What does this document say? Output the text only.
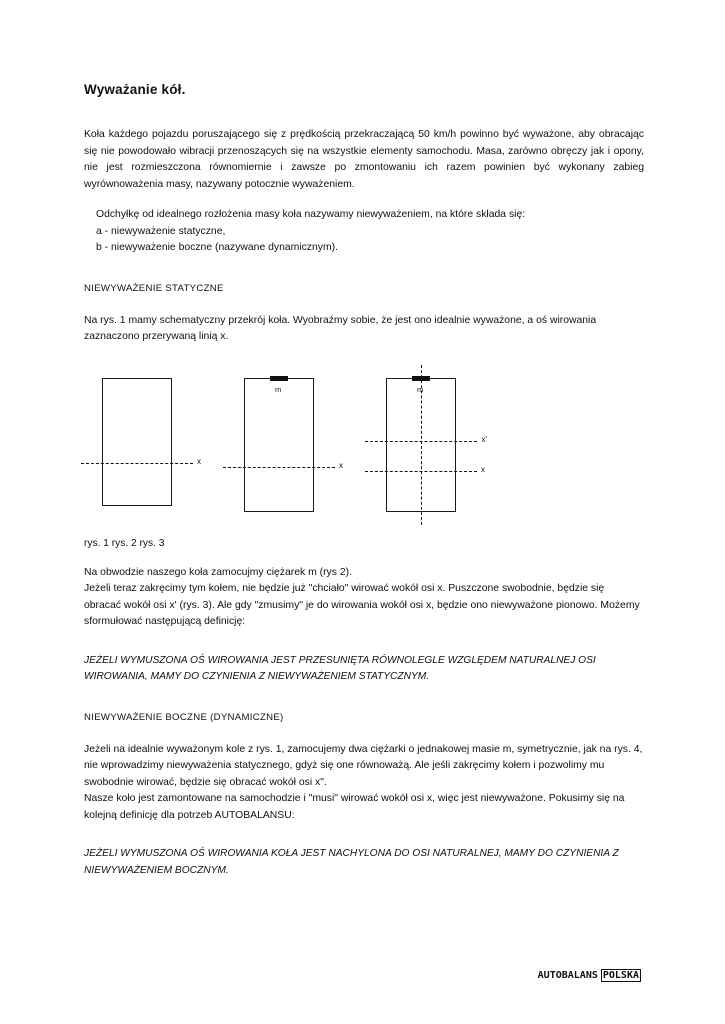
Wyważanie kół.

Koła każdego pojazdu poruszającego się z prędkością przekraczającą 50 km/h powinno być wyważone, aby obracając się nie powodowało wibracji przenoszących się na wszystkie elementy samochodu. Masa, zarówno obręczy jak i opony, nie jest rozmieszczona równomiernie i zawsze po zmontowaniu ich razem powinien być wykonany zabieg wyrównoważenia masy, nazywany potocznie wyważeniem.

Odchyłkę od idealnego rozłożenia masy koła nazywamy niewyważeniem, na które składa się:

a - niewyważenie statyczne,

b - niewyważenie boczne (nazywane dynamicznym).

NIEWYWAŻENIE STATYCZNE

Na rys. 1 mamy schematyczny przekrój koła. Wyobraźmy sobie, że jest ono idealnie wyważone, a oś wirowania zaznaczono przerywaną linią x.

x
m
x
m
x'
x

rys. 1 rys. 2 rys. 3

Na obwodzie naszego koła zamocujmy ciężarek m (rys 2).

Jeżeli teraz zakręcimy tym kołem, nie będzie już "chciało" wirować wokół osi x. Puszczone swobodnie, będzie się obracać wokół osi x' (rys. 3). Ale gdy "zmusimy" je do wirowania wokół osi x, będzie ono niewyważone pionowo. Możemy sformułować następującą definicję:

JEŻELI WYMUSZONA OŚ WIROWANIA JEST PRZESUNIĘTA RÓWNOLEGLE WZGLĘDEM NATURALNEJ OSI WIROWANIA, MAMY DO CZYNIENIA Z NIEWYWAŻENIEM STATYCZNYM.

NIEWYWAŻENIE BOCZNE (DYNAMICZNE)

Jeżeli na idealnie wyważonym kole z rys. 1, zamocujemy dwa ciężarki o jednakowej masie m, symetrycznie, jak na rys. 4, nie wprowadzimy niewyważenia statycznego, gdyż się one równoważą. Ale jeśli zakręcimy kołem i pozwolimy mu swobodnie wirować, będzie się obracać wokół osi x".

Nasze koło jest zamontowane na samochodzie i "musi" wirować wokół osi x, więc jest niewyważone. Pokusimy się na kolejną definicję dla potrzeb AUTOBALANSU:

JEŻELI WYMUSZONA OŚ WIROWANIA KOŁA JEST NACHYLONA DO OSI NATURALNEJ, MAMY DO CZYNIENIA Z NIEWYWAŻENIEM BOCZNYM.

AUTOBALANS POLSKA
